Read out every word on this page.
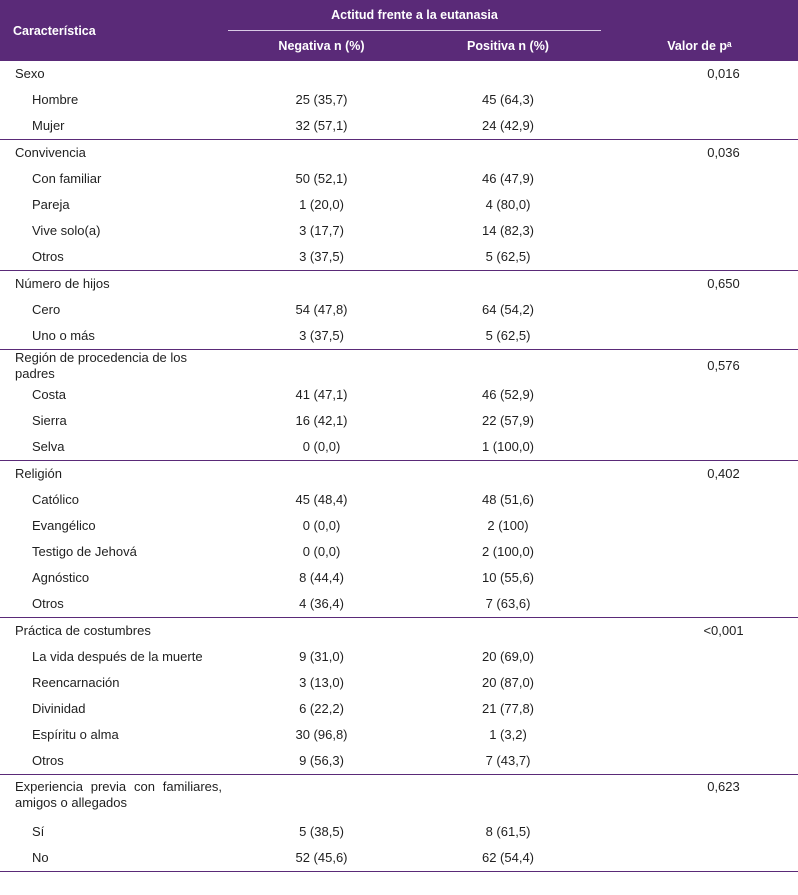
Característica	Actitud frente a la eutanasia		
	Negativa n (%)	Positiva n (%)	Valor de pᵃ
Sexo			0,016
Hombre	25 (35,7)	45 (64,3)	
Mujer	32 (57,1)	24 (42,9)	
Convivencia			0,036
Con familiar	50 (52,1)	46 (47,9)	
Pareja	1 (20,0)	4 (80,0)	
Vive solo(a)	3 (17,7)	14 (82,3)	
Otros	3 (37,5)	5 (62,5)	
Número de hijos			0,650
Cero	54 (47,8)	64 (54,2)	
Uno o más	3 (37,5)	5 (62,5)	
Región de procedencia de los padres			0,576
Costa	41 (47,1)	46 (52,9)	
Sierra	16 (42,1)	22 (57,9)	
Selva	0 (0,0)	1 (100,0)	
Religión			0,402
Católico	45 (48,4)	48 (51,6)	
Evangélico	0 (0,0)	2 (100)	
Testigo de Jehová	0 (0,0)	2 (100,0)	
Agnóstico	8 (44,4)	10 (55,6)	
Otros	4 (36,4)	7 (63,6)	
Práctica de costumbres			<0,001
La vida después de la muerte	9 (31,0)	20 (69,0)	
Reencarnación	3 (13,0)	20 (87,0)	
Divinidad	6 (22,2)	21 (77,8)	
Espíritu o alma	30 (96,8)	1 (3,2)	
Otros	9 (56,3)	7 (43,7)	
Experiencia previa con familiares, amigos o allegados			0,623
Sí	5 (38,5)	8 (61,5)	
No	52 (45,6)	62 (54,4)	
